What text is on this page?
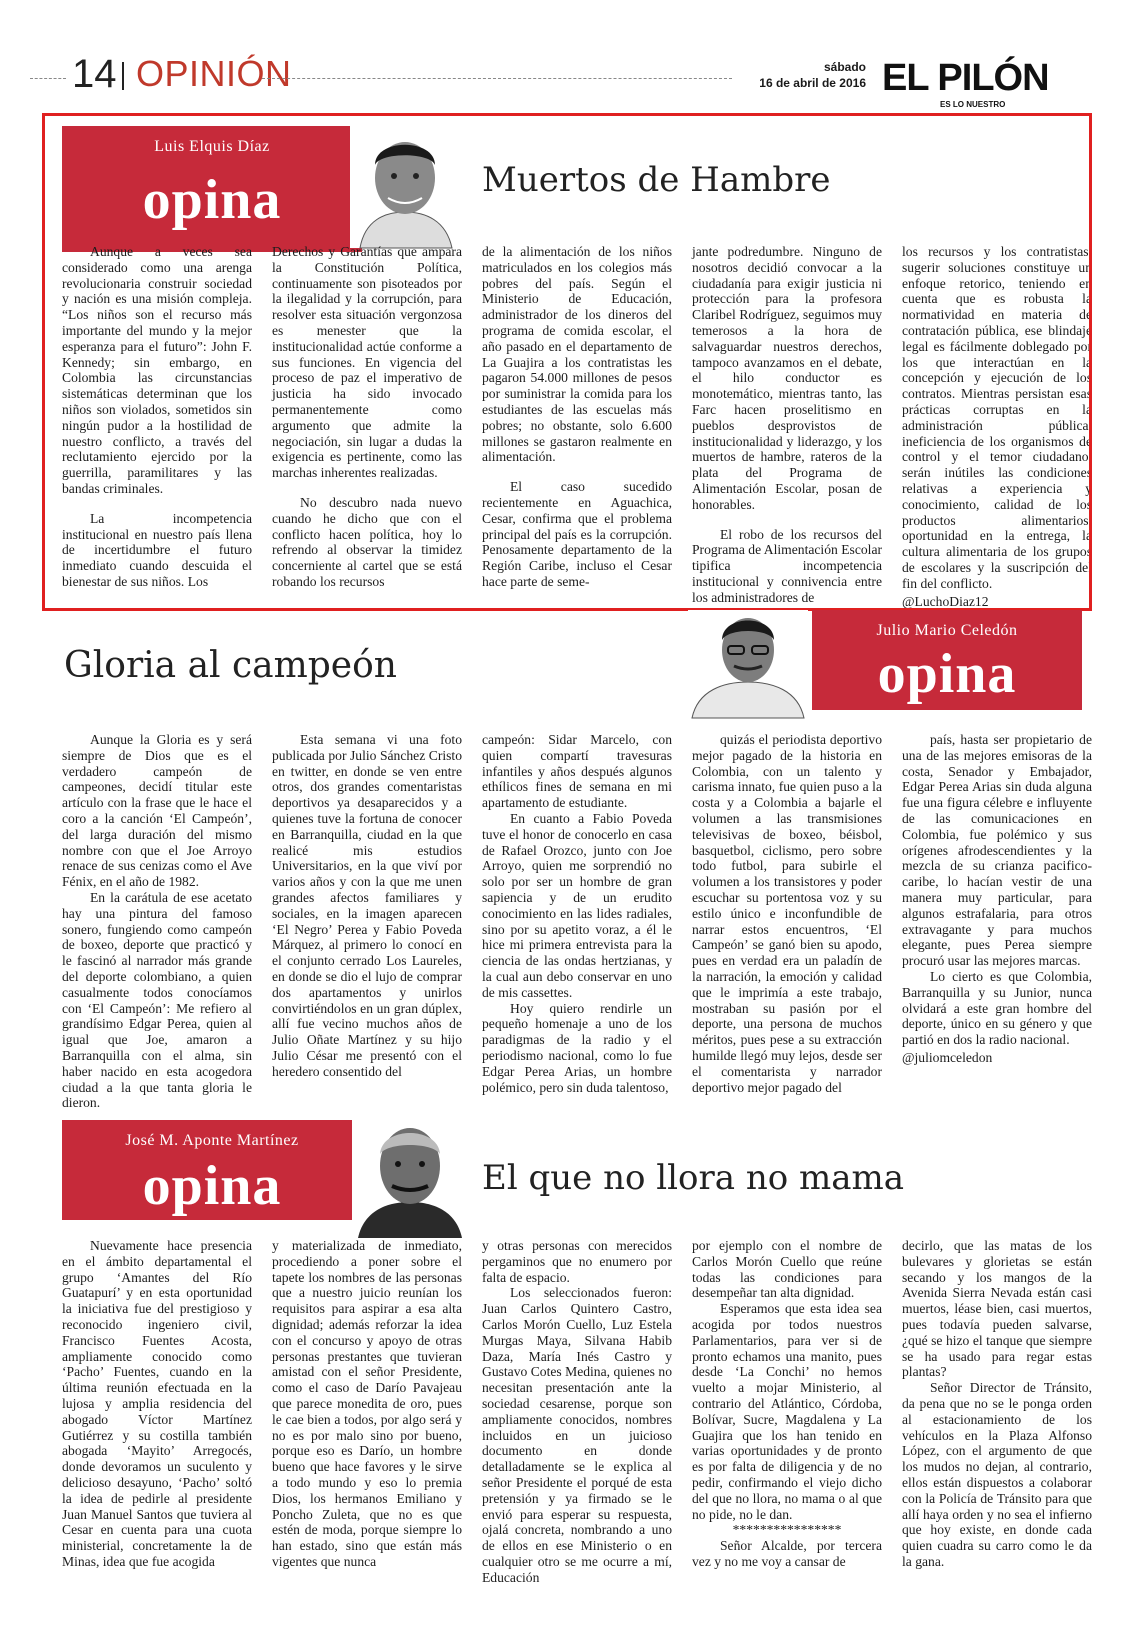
14 OPINIÓN	sábado
16 de abril de 2016 EL PILÓN
ES LO NUESTRO
Luis Elquis Díaz
opina	Muertos de Hambre

Aunque a veces sea considerado como una arenga revolucionaria construir sociedad y nación es una misión compleja. “Los niños son el recurso más importante del mundo y la mejor esperanza para el futuro”: John F. Kennedy; sin embargo, en Colombia las circunstancias sistemáticas determinan que los niños son violados, sometidos sin ningún pudor a la hostilidad de nuestro conflicto, a través del reclutamiento ejercido por la guerrilla, paramilitares y las bandas criminales.

La incompetencia institucional en nuestro país llena de incertidumbre el futuro inmediato cuando descuida el bienestar de sus niños. Los

Derechos y Garantías que ampara la Constitución Política, continuamente son pisoteados por la ilegalidad y la corrupción, para resolver esta situación vergonzosa es menester que la institucionalidad actúe conforme a sus funciones. En vigencia del proceso de paz el imperativo de justicia ha sido invocado permanentemente como argumento que admite la negociación, sin lugar a dudas la exigencia es pertinente, como las marchas inherentes realizadas.

No descubro nada nuevo cuando he dicho que con el conflicto hacen política, hoy lo refrendo al observar la timidez concerniente al cartel que se está robando los recursos

de la alimentación de los niños matriculados en los colegios más pobres del país. Según el Ministerio de Educación, administrador de los dineros del programa de comida escolar, el año pasado en el departamento de La Guajira a los contratistas les pagaron 54.000 millones de pesos por suministrar la comida para los estudiantes de las escuelas más pobres; no obstante, solo 6.600 millones se gastaron realmente en alimentación.

El caso sucedido recientemente en Aguachica, Cesar, confirma que el problema principal del país es la corrupción. Penosamente departamento de la Región Caribe, incluso el Cesar hace parte de seme-

jante podredumbre. Ninguno de nosotros decidió convocar a la ciudadanía para exigir justicia ni protección para la profesora Claribel Rodríguez, seguimos muy temerosos a la hora de salvaguardar nuestros derechos, tampoco avanzamos en el debate, el hilo conductor es monotemático, mientras tanto, las Farc hacen proselitismo en pueblos desprovistos de institucionalidad y liderazgo, y los muertos de hambre, rateros de la plata del Programa de Alimentación Escolar, posan de honorables.

El robo de los recursos del Programa de Alimentación Escolar tipifica incompetencia institucional y connivencia entre los administradores de

los recursos y los contratistas, sugerir soluciones constituye un enfoque retorico, teniendo en cuenta que es robusta la normatividad en materia de contratación pública, ese blindaje legal es fácilmente doblegado por los que interactúan en la concepción y ejecución de los contratos. Mientras persistan esas prácticas corruptas en la administración pública, ineficiencia de los organismos de control y el temor ciudadano, serán inútiles las condiciones relativas a experiencia y conocimiento, calidad de los productos alimentarios, oportunidad en la entrega, la cultura alimentaria de los grupos de escolares y la suscripción del fin del conflicto.

@LuchoDiaz12
Gloria al campeón
Julio Mario Celedón
opina

Aunque la Gloria es y será siempre de Dios que es el verdadero campeón de campeones, decidí titular este artículo con la frase que le hace el coro a la canción ‘El Campeón’, del larga duración del mismo nombre con que el Joe Arroyo renace de sus cenizas como el Ave Fénix, en el año de 1982.

En la carátula de ese acetato hay una pintura del famoso sonero, fungiendo como campeón de boxeo, deporte que practicó y le fascinó al narrador más grande del deporte colombiano, a quien casualmente todos conocíamos con ‘El Campeón’: Me refiero al grandísimo Edgar Perea, quien al igual que Joe, amaron a Barranquilla con el alma, sin haber nacido en esta acogedora ciudad a la que tanta gloria le dieron.

Esta semana vi una foto publicada por Julio Sánchez Cristo en twitter, en donde se ven entre otros, dos grandes comentaristas deportivos ya desaparecidos y a quienes tuve la fortuna de conocer en Barranquilla, ciudad en la que realicé mis estudios Universitarios, en la que viví por varios años y con la que me unen grandes afectos familiares y sociales, en la imagen aparecen ‘El Negro’ Perea y Fabio Poveda Márquez, al primero lo conocí en el conjunto cerrado Los Laureles, en donde se dio el lujo de comprar dos apartamentos y unirlos convirtiéndolos en un gran dúplex, allí fue vecino muchos años de Julio Oñate Martínez y su hijo Julio César me presentó con el heredero consentido del

campeón: Sidar Marcelo, con quien compartí travesuras infantiles y años después algunos ethílicos fines de semana en mi apartamento de estudiante.

En cuanto a Fabio Poveda tuve el honor de conocerlo en casa de Rafael Orozco, junto con Joe Arroyo, quien me sorprendió no solo por ser un hombre de gran sapiencia y de un erudito conocimiento en las lides radiales, sino por su apetito voraz, a él le hice mi primera entrevista para la ciencia de las ondas hertzianas, y la cual aun debo conservar en uno de mis cassettes.

Hoy quiero rendirle un pequeño homenaje a uno de los paradigmas de la radio y el periodismo nacional, como lo fue Edgar Perea Arias, un hombre polémico, pero sin duda talentoso,

quizás el periodista deportivo mejor pagado de la historia en Colombia, con un talento y carisma innato, fue quien puso a la costa y a Colombia a bajarle el volumen a las transmisiones televisivas de boxeo, béisbol, basquetbol, ciclismo, pero sobre todo futbol, para subirle el volumen a los transistores y poder escuchar su portentosa voz y su estilo único e inconfundible de narrar estos encuentros, ‘El Campeón’ se ganó bien su apodo, pues en verdad era un paladín de la narración, la emoción y calidad que le imprimía a este trabajo, mostraban su pasión por el deporte, una persona de muchos méritos, pues pese a su extracción humilde llegó muy lejos, desde ser el comentarista y narrador deportivo mejor pagado del

país, hasta ser propietario de una de las mejores emisoras de la costa, Senador y Embajador, Edgar Perea Arias sin duda alguna fue una figura célebre e influyente de las comunicaciones en Colombia, fue polémico y sus orígenes afrodescendientes y la mezcla de su crianza pacifico-caribe, lo hacían vestir de una manera muy particular, para algunos estrafalaria, para otros extravagante y para muchos elegante, pues Perea siempre procuró usar las mejores marcas.

Lo cierto es que Colombia, Barranquilla y su Junior, nunca olvidará a este gran hombre del deporte, único en su género y que partió en dos la radio nacional.

@juliomceledon
José M. Aponte Martínez
opina	El que no llora no mama

Nuevamente hace presencia en el ámbito departamental el grupo ‘Amantes del Río Guatapurí’ y en esta oportunidad la iniciativa fue del prestigioso y reconocido ingeniero civil, Francisco Fuentes Acosta, ampliamente conocido como ‘Pacho’ Fuentes, cuando en la última reunión efectuada en la lujosa y amplia residencia del abogado Víctor Martínez Gutiérrez y su costilla también abogada ‘Mayito’ Arregocés, donde devoramos un suculento y delicioso desayuno, ‘Pacho’ soltó la idea de pedirle al presidente Juan Manuel Santos que tuviera al Cesar en cuenta para una cuota ministerial, concretamente la de Minas, idea que fue acogida

y materializada de inmediato, procediendo a poner sobre el tapete los nombres de las personas que a nuestro juicio reunían los requisitos para aspirar a esa alta dignidad; además reforzar la idea con el concurso y apoyo de otras personas prestantes que tuvieran amistad con el señor Presidente, como el caso de Darío Pavajeau que parece monedita de oro, pues le cae bien a todos, por algo será y no es por malo sino por bueno, porque eso es Darío, un hombre bueno que hace favores y le sirve a todo mundo y eso lo premia Dios, los hermanos Emiliano y Poncho Zuleta, que no es que estén de moda, porque siempre lo han estado, sino que están más vigentes que nunca

y otras personas con merecidos pergaminos que no enumero por falta de espacio.

Los seleccionados fueron: Juan Carlos Quintero Castro, Carlos Morón Cuello, Luz Estela Murgas Maya, Silvana Habib Daza, María Inés Castro y Gustavo Cotes Medina, quienes no necesitan presentación ante la sociedad cesarense, porque son ampliamente conocidos, nombres incluidos en un juicioso documento en donde detalladamente se le explica al señor Presidente el porqué de esta pretensión y ya firmado se le envió para esperar su respuesta, ojalá concreta, nombrando a uno de ellos en ese Ministerio o en cualquier otro se me ocurre a mí, Educación

por ejemplo con el nombre de Carlos Morón Cuello que reúne todas las condiciones para desempeñar tan alta dignidad.

Esperamos que esta idea sea acogida por todos nuestros Parlamentarios, para ver si de pronto echamos una manito, pues desde ‘La Conchi’ no hemos vuelto a mojar Ministerio, al contrario del Atlántico, Córdoba, Bolívar, Sucre, Magdalena y La Guajira que los han tenido en varias oportunidades y de pronto es por falta de diligencia y de no pedir, confirmando el viejo dicho del que no llora, no mama o al que no pide, no le dan.

****************

Señor Alcalde, por tercera vez y no me voy a cansar de

decirlo, que las matas de los bulevares y glorietas se están secando y los mangos de la Avenida Sierra Nevada están casi muertos, léase bien, casi muertos, pues todavía pueden salvarse, ¿qué se hizo el tanque que siempre se ha usado para regar estas plantas?

Señor Director de Tránsito, da pena que no se le ponga orden al estacionamiento de los vehículos en la Plaza Alfonso López, con el argumento de que los mudos no dejan, al contrario, ellos están dispuestos a colaborar con la Policía de Tránsito para que allí haya orden y no sea el infierno que hoy existe, en donde cada quien cuadra su carro como le da la gana.
